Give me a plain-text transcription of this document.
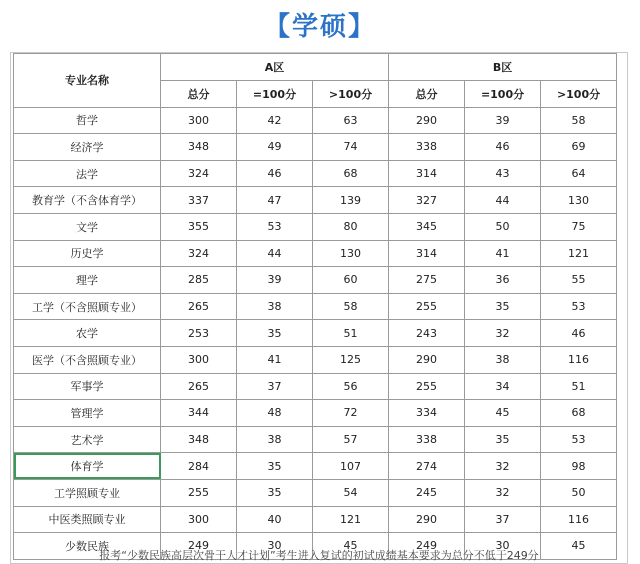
【学硕】
专业名称	A区			B区		
	总分	=100分	>100分	总分	=100分	>100分
哲学	300	42	63	290	39	58
经济学	348	49	74	338	46	69
法学	324	46	68	314	43	64
教育学（不含体育学）	337	47	139	327	44	130
文学	355	53	80	345	50	75
历史学	324	44	130	314	41	121
理学	285	39	60	275	36	55
工学（不含照顾专业）	265	38	58	255	35	53
农学	253	35	51	243	32	46
医学（不含照顾专业）	300	41	125	290	38	116
军事学	265	37	56	255	34	51
管理学	344	48	72	334	45	68
艺术学	348	38	57	338	35	53
体育学	284	35	107	274	32	98
工学照顾专业	255	35	54	245	32	50
中医类照顾专业	300	40	121	290	37	116
少数民族	249	30	45	249	30	45
报考“少数民族高层次骨干人才计划”考生进入复试的初试成绩基本要求为总分不低于249分
